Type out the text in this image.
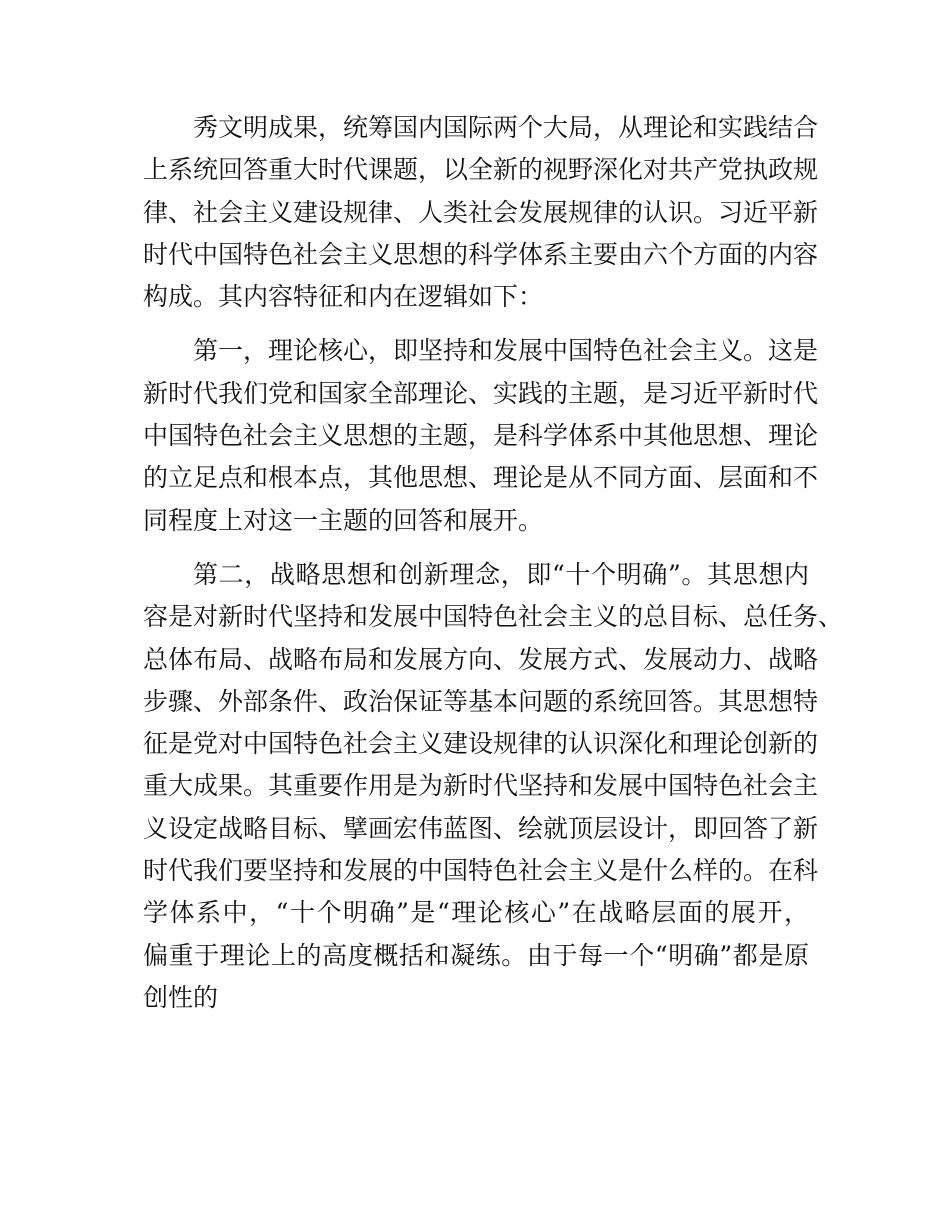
秀文明成果，统筹国内国际两个大局，从理论和实践结合
上系统回答重大时代课题，以全新的视野深化对共产党执政规
律、社会主义建设规律、人类社会发展规律的认识。习近平新
时代中国特色社会主义思想的科学体系主要由六个方面的内容
构成。其内容特征和内在逻辑如下：
第一，理论核心，即坚持和发展中国特色社会主义。这是
新时代我们党和国家全部理论、实践的主题，是习近平新时代
中国特色社会主义思想的主题，是科学体系中其他思想、理论
的立足点和根本点，其他思想、理论是从不同方面、层面和不
同程度上对这一主题的回答和展开。
第二，战略思想和创新理念，即“十个明确”。其思想内
容是对新时代坚持和发展中国特色社会主义的总目标、总任务、
总体布局、战略布局和发展方向、发展方式、发展动力、战略
步骤、外部条件、政治保证等基本问题的系统回答。其思想特
征是党对中国特色社会主义建设规律的认识深化和理论创新的
重大成果。其重要作用是为新时代坚持和发展中国特色社会主
义设定战略目标、擘画宏伟蓝图、绘就顶层设计，即回答了新
时代我们要坚持和发展的中国特色社会主义是什么样的。在科
学体系中，“十个明确”是“理论核心”在战略层面的展开，
偏重于理论上的高度概括和凝练。由于每一个“明确”都是原
创性的
